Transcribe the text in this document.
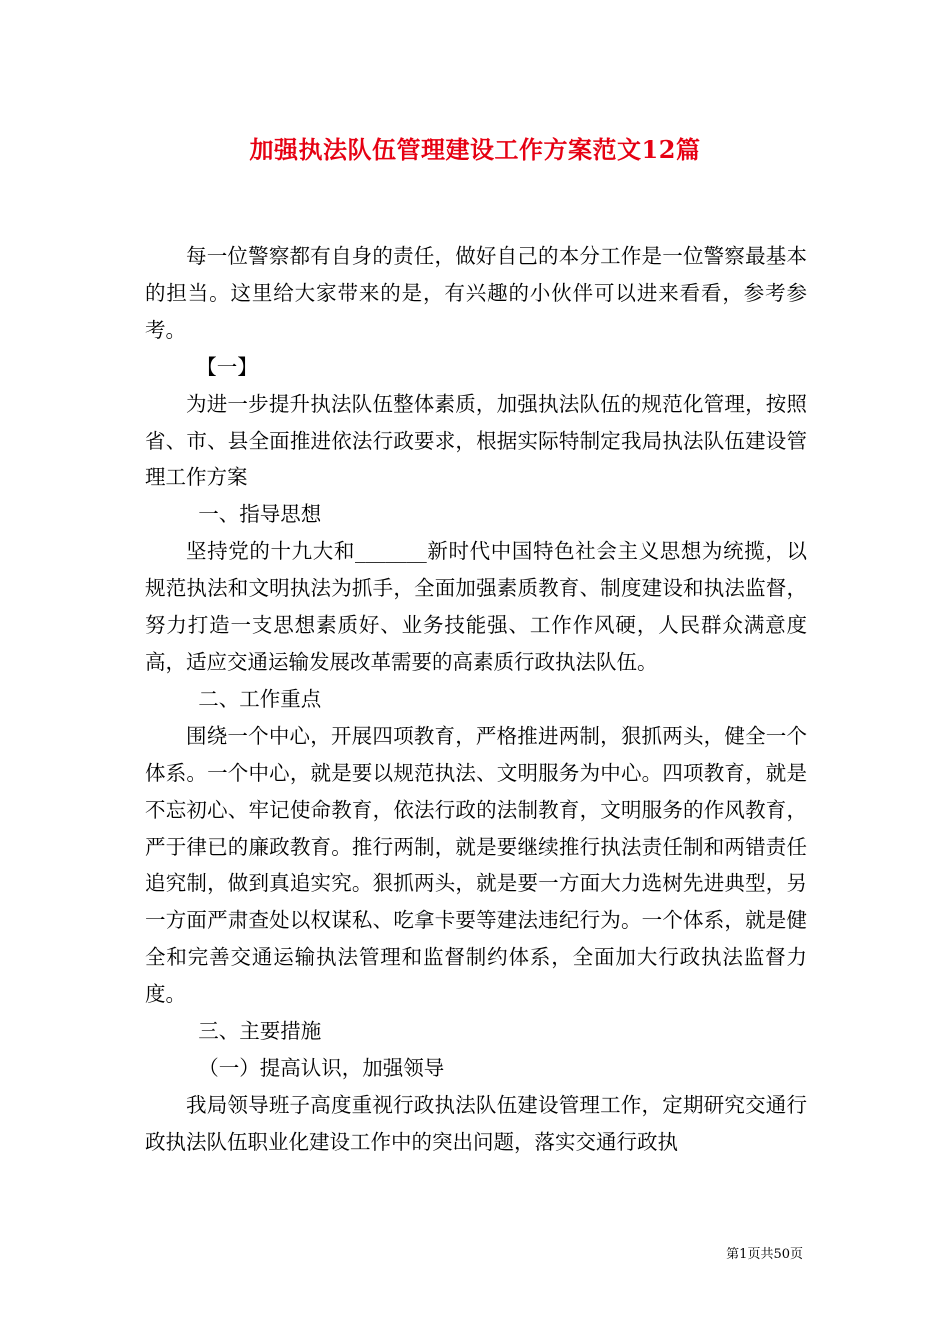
加强执法队伍管理建设工作方案范文12篇

每一位警察都有自身的责任，做好自己的本分工作是一位警察最基本的担当。这里给大家带来的是，有兴趣的小伙伴可以进来看看，参考参考。

【一】

为进一步提升执法队伍整体素质，加强执法队伍的规范化管理，按照省、市、县全面推进依法行政要求，根据实际特制定我局执法队伍建设管理工作方案

一、指导思想

坚持党的十九大和_______新时代中国特色社会主义思想为统揽，以规范执法和文明执法为抓手，全面加强素质教育、制度建设和执法监督，努力打造一支思想素质好、业务技能强、工作作风硬，人民群众满意度高，适应交通运输发展改革需要的高素质行政执法队伍。

二、工作重点

围绕一个中心，开展四项教育，严格推进两制，狠抓两头，健全一个体系。一个中心，就是要以规范执法、文明服务为中心。四项教育，就是不忘初心、牢记使命教育，依法行政的法制教育，文明服务的作风教育，严于律已的廉政教育。推行两制，就是要继续推行执法责任制和两错责任追究制，做到真追实究。狠抓两头，就是要一方面大力选树先进典型，另一方面严肃查处以权谋私、吃拿卡要等建法违纪行为。一个体系，就是健全和完善交通运输执法管理和监督制约体系，全面加大行政执法监督力度。

三、主要措施

（一）提高认识，加强领导

我局领导班子高度重视行政执法队伍建设管理工作，定期研究交通行政执法队伍职业化建设工作中的突出问题，落实交通行政执

第1页共50页
